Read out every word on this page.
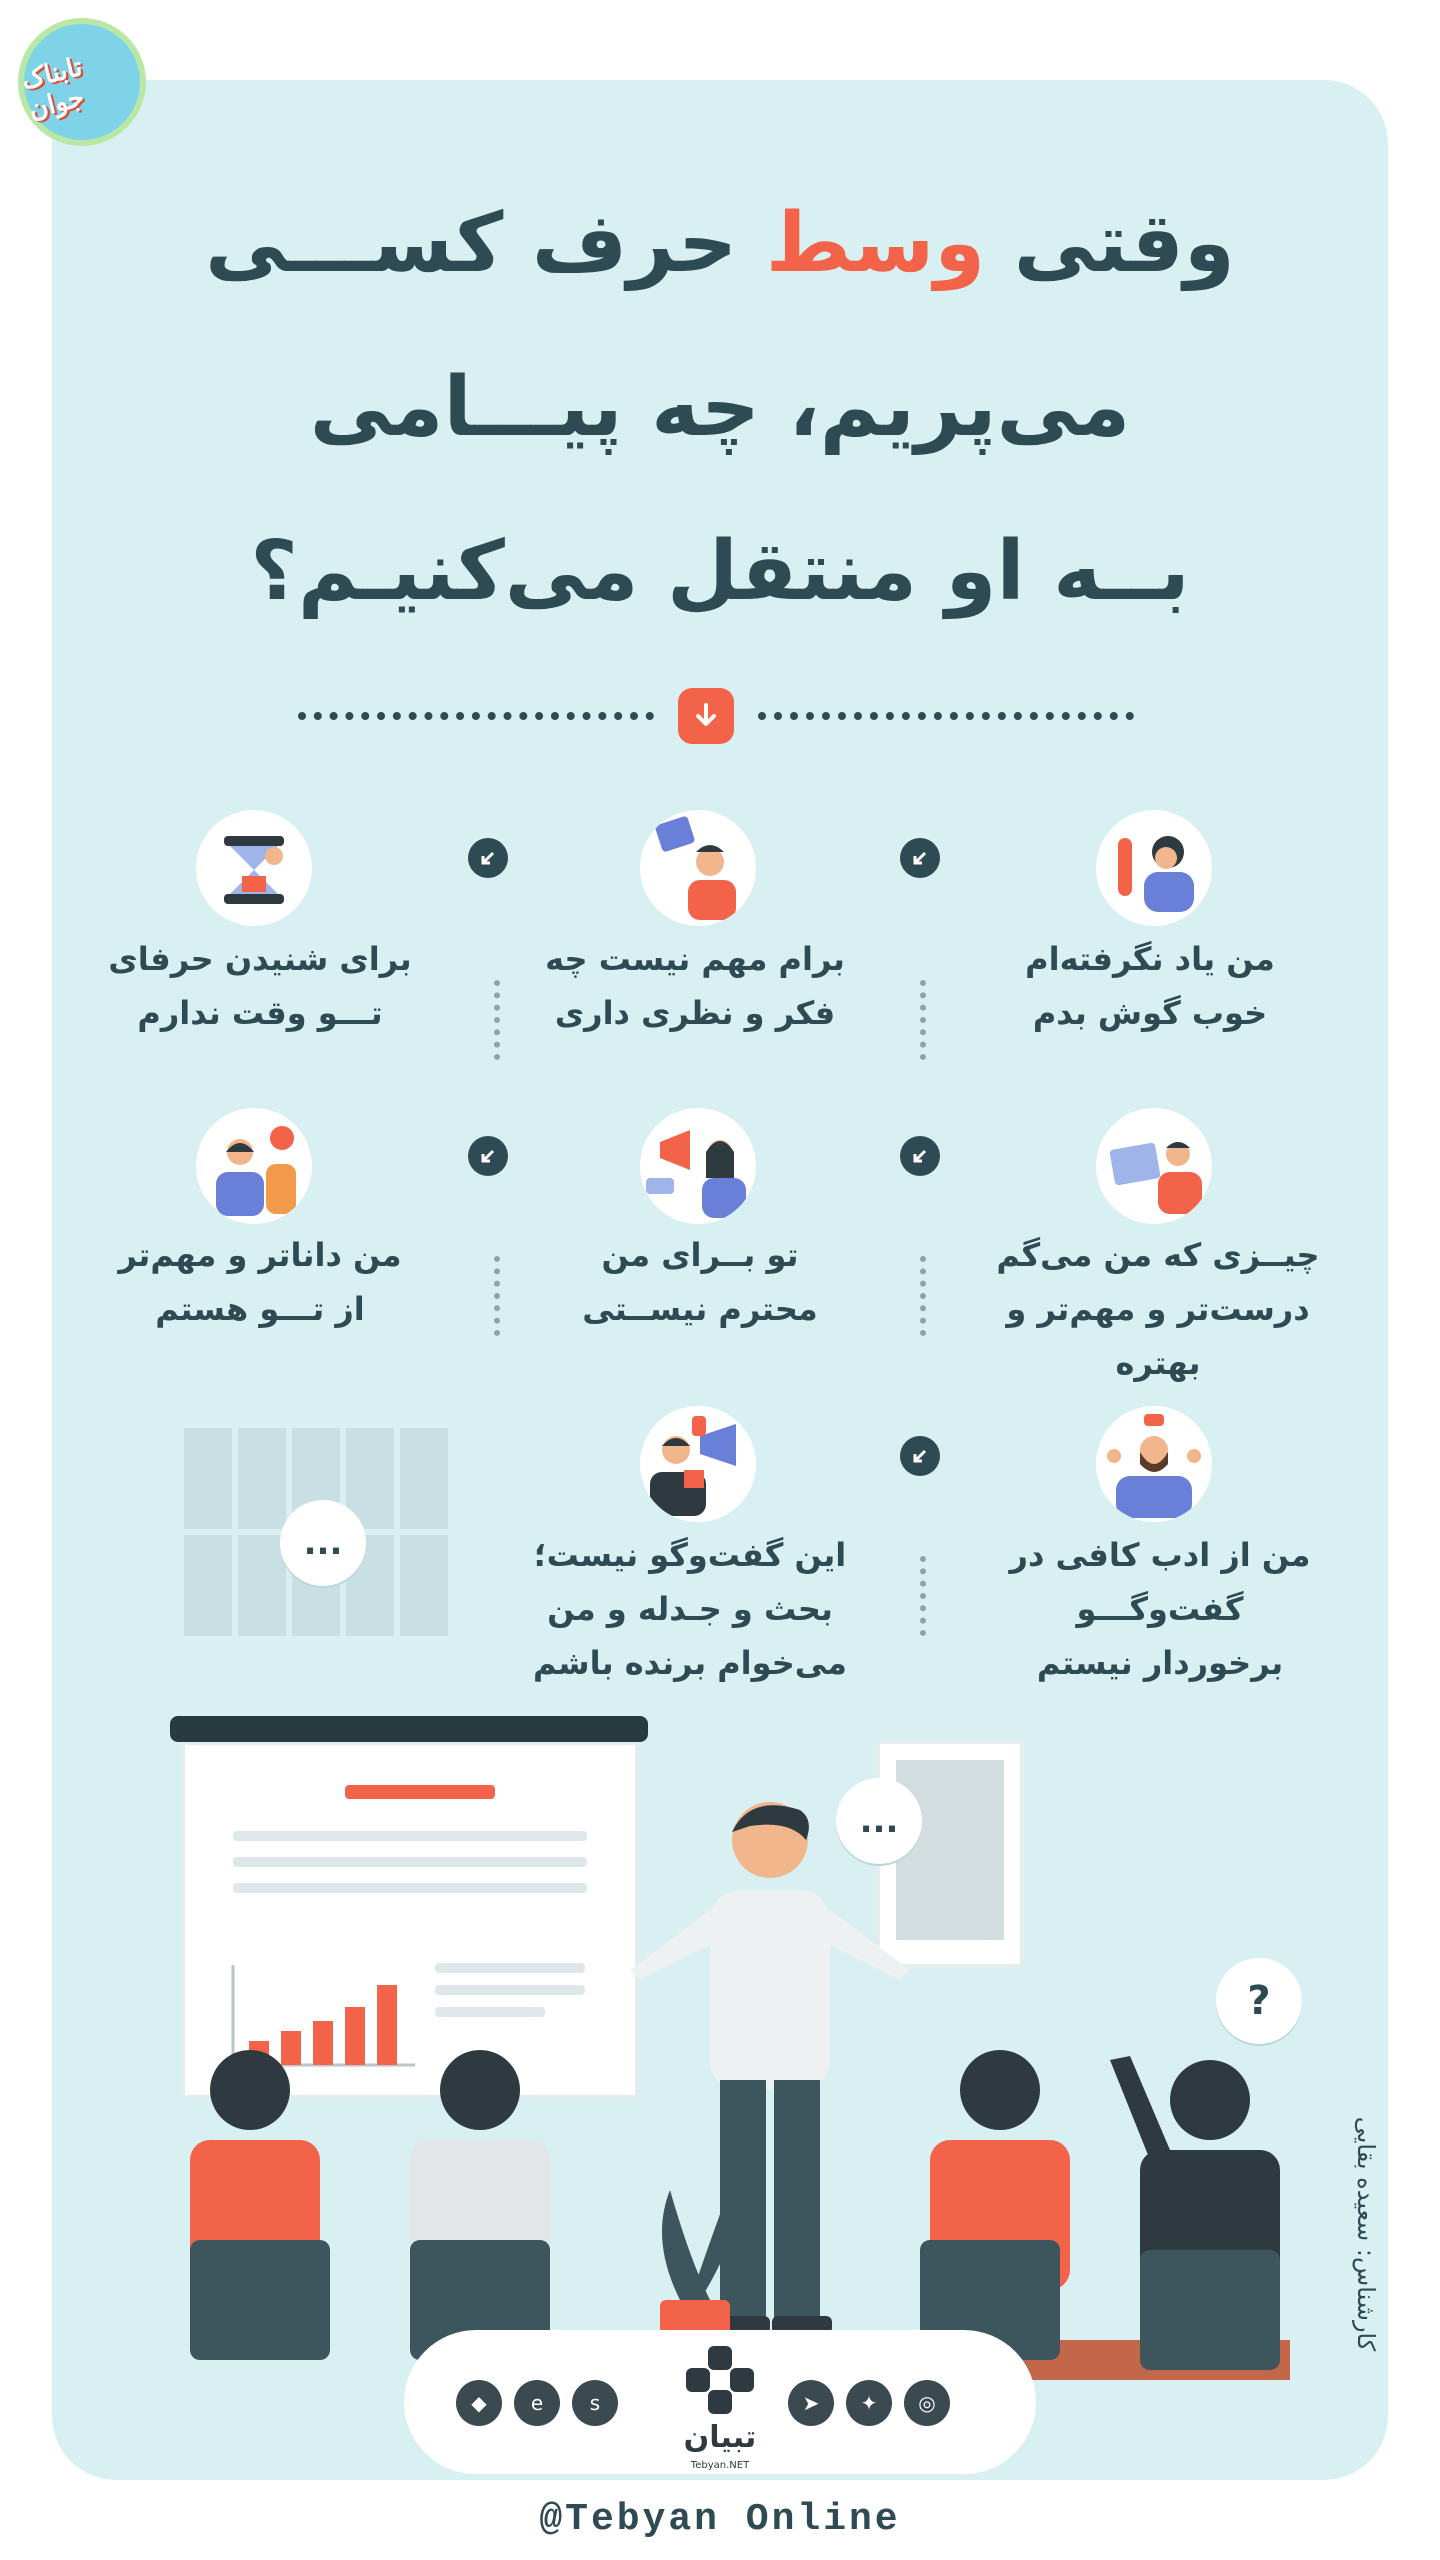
تابناک جوان
وقتی وسط حرف کســـی
می‌پریم، چه پیـــامی
بــه او منتقل می‌کنیـم؟
من یاد نگرفته‌ام
خوب گوش بدم
برام مهم نیست چه
فکر و نظری داری
برای شنیدن حرفای
تـــو وقت ندارم
چیــزی که من می‌گم
درست‌تر و مهم‌تر و بهتره
تو بــرای من
محترم نیســتی
من داناتر و مهم‌تر
از تـــو هستم
من از ادب کافی در
گفت‌وگـــو
برخوردار نیستم
این گفت‌وگو نیست؛
بحث و جـدله و من
می‌خوام برنده باشم
...
...
?
◆	e	s
تبیان
Tebyan.NET
➤	✦	◎
@Tebyan Online
کارشناس: سعیده بقایی
